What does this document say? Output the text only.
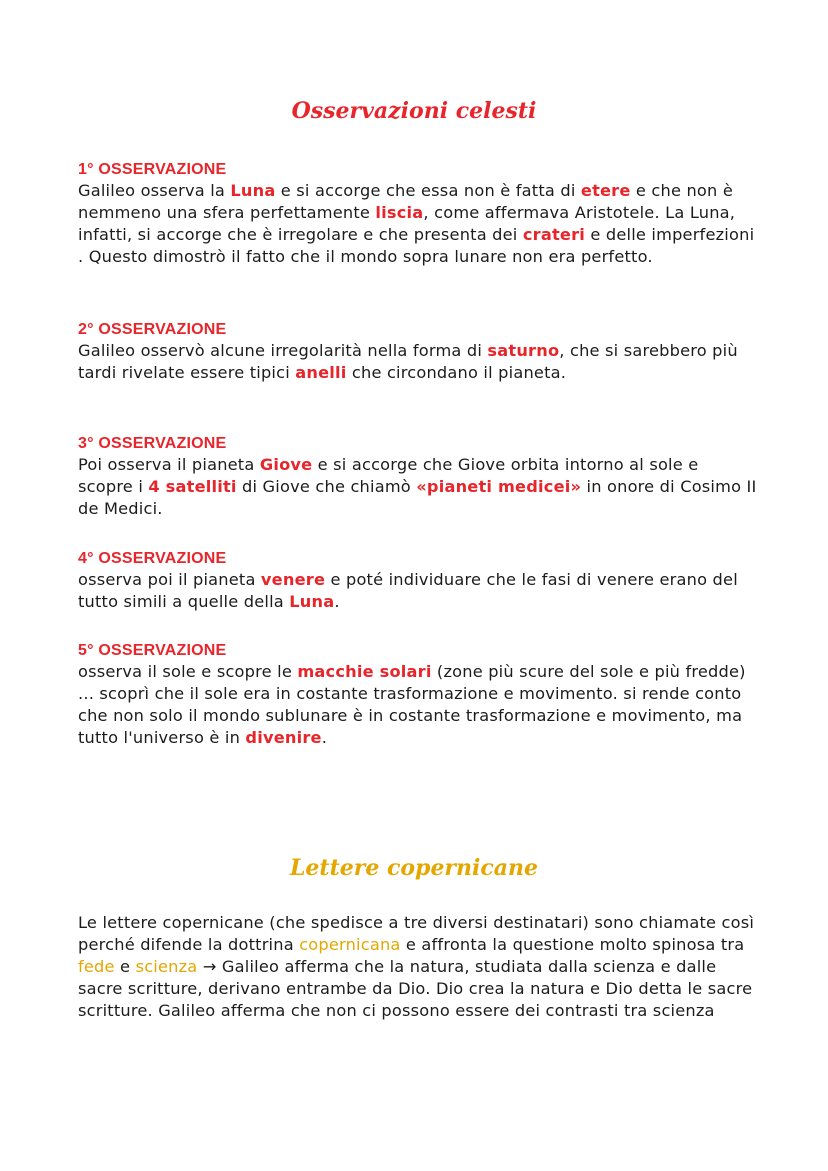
Osservazioni celesti
1° OSSERVAZIONE
Galileo osserva la Luna e si accorge che essa non è fatta di etere e che non è nemmeno una sfera perfettamente liscia, come affermava Aristotele. La Luna, infatti, si accorge che è irregolare e che presenta dei crateri e delle imperfezioni . Questo dimostrò il fatto che il mondo sopra lunare non era perfetto.
2° OSSERVAZIONE
Galileo osservò alcune irregolarità nella forma di saturno, che si sarebbero più tardi rivelate essere tipici anelli che circondano il pianeta.
3° OSSERVAZIONE
Poi osserva il pianeta Giove e si accorge che Giove orbita intorno al sole e scopre i 4 satelliti di Giove che chiamò «pianeti medicei» in onore di Cosimo II de Medici.
4° OSSERVAZIONE
osserva poi il pianeta venere e poté individuare che le fasi di venere erano del tutto simili a quelle della Luna.
5° OSSERVAZIONE
osserva il sole e scopre le macchie solari (zone più scure del sole e più fredde) ... scoprì che il sole era in costante trasformazione e movimento. si rende conto che non solo il mondo sublunare è in costante trasformazione e movimento, ma tutto l'universo è in divenire.
Lettere copernicane
Le lettere copernicane (che spedisce a tre diversi destinatari) sono chiamate così perché difende la dottrina copernicana e affronta la questione molto spinosa tra fede e scienza → Galileo afferma che la natura, studiata dalla scienza e dalle sacre scritture, derivano entrambe da Dio. Dio crea la natura e Dio detta le sacre scritture. Galileo afferma che non ci possono essere dei contrasti tra scienza
